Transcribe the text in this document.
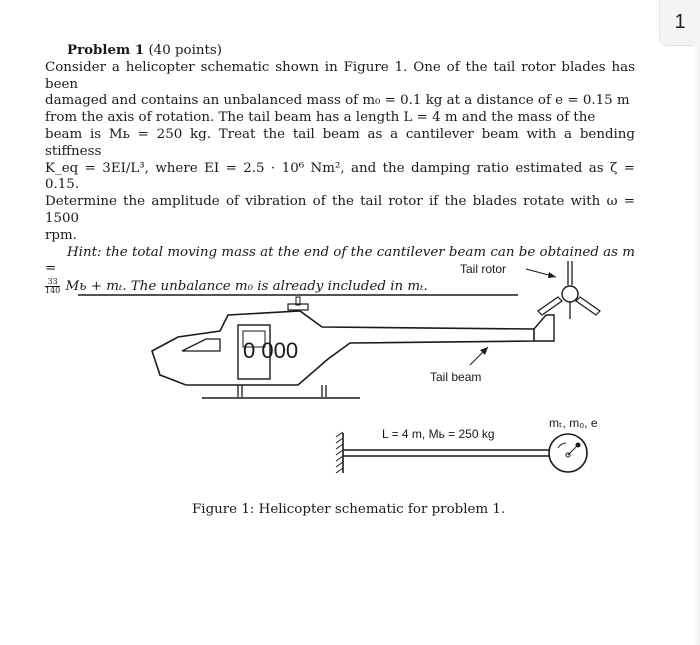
1

Problem 1 (40 points)

Consider a helicopter schematic shown in Figure 1. One of the tail rotor blades has been

damaged and contains an unbalanced mass of m₀ = 0.1 kg at a distance of e = 0.15 m

from the axis of rotation. The tail beam has a length L = 4 m and the mass of the

beam is Mь = 250 kg. Treat the tail beam as a cantilever beam with a bending stiffness

K_eq = 3EI/L³, where EI = 2.5 · 10⁶ Nm², and the damping ratio estimated as ζ = 0.15.

Determine the amplitude of vibration of the tail rotor if the blades rotate with ω = 1500

rpm.

Hint: the total moving mass at the end of the cantilever beam can be obtained as m =

$\frac{33}{140}$ Mь + mₜ. The unbalance m₀ is already included in mₜ.

0 000
Tail rotor
Tail beam
L = 4 m, Mь = 250 kg
mₜ, m₀, e
Figure 1: Helicopter schematic for problem 1.
